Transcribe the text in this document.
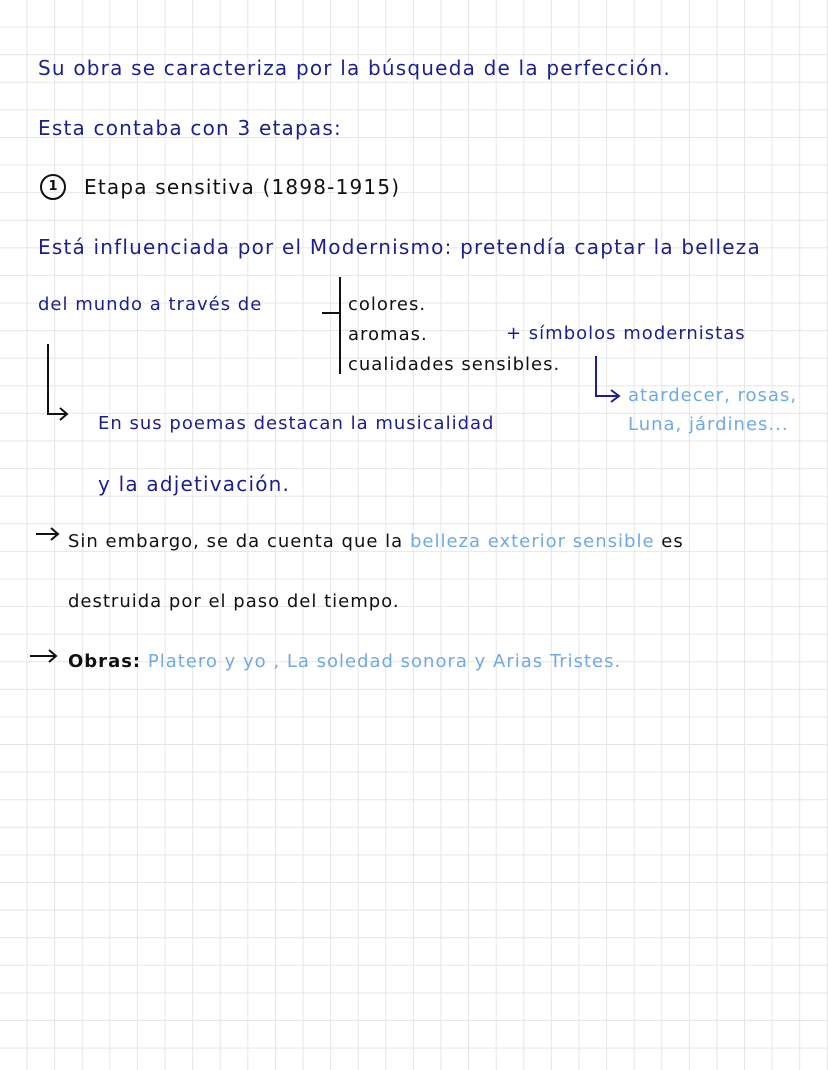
Su obra se caracteriza por la búsqueda de la perfección.
Esta contaba con 3 etapas:
1	Etapa sensitiva (1898-1915)
Está influenciada por el Modernismo: pretendía captar la belleza
del mundo a través de	colores.
aromas.
cualidades sensibles.
+ símbolos modernistas
atardecer, rosas,
Luna, járdines...
En sus poemas destacan la musicalidad
y la adjetivación.
Sin embargo, se da cuenta que la belleza exterior sensible es
destruida por el paso del tiempo.
Obras: Platero y yo , La soledad sonora y Arias Tristes.
